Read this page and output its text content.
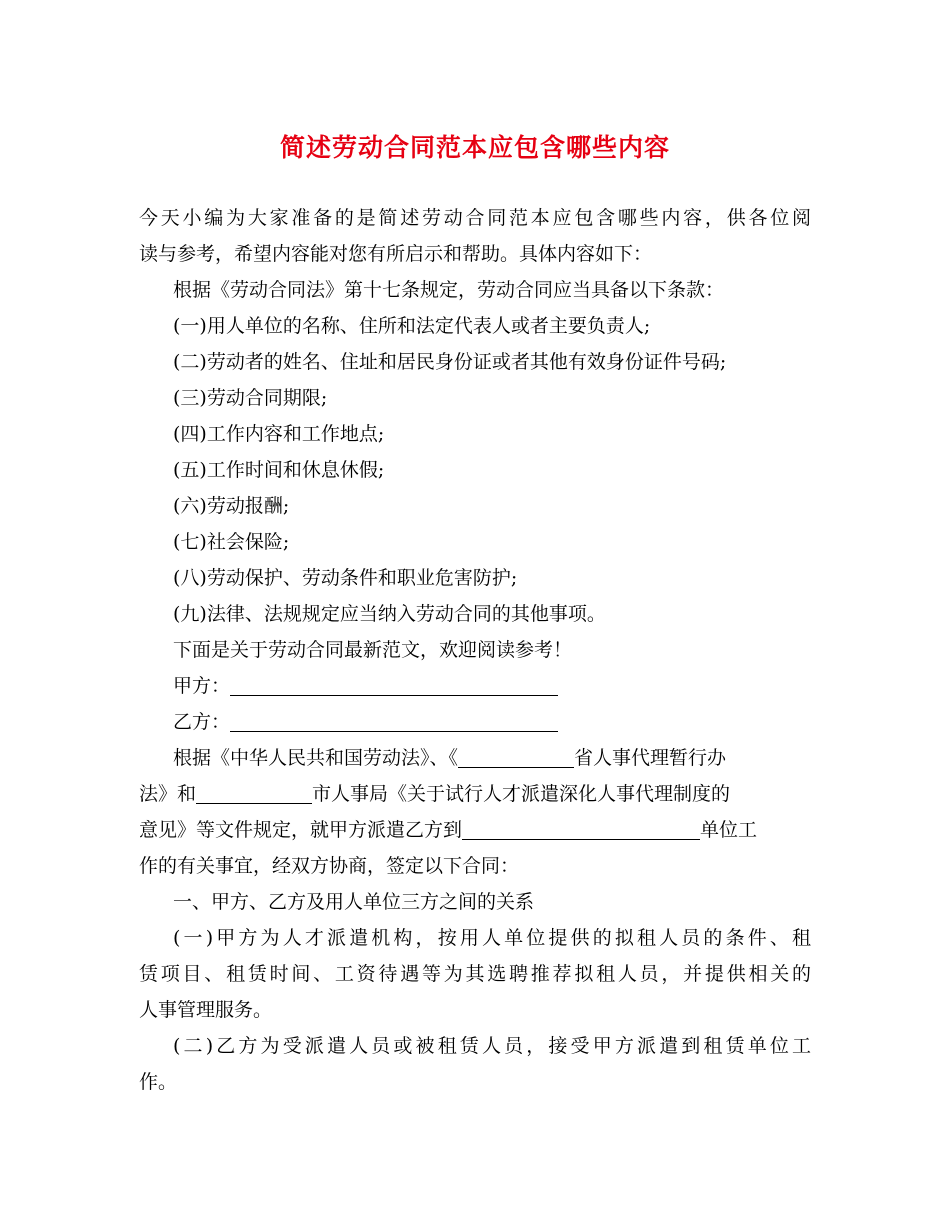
简述劳动合同范本应包含哪些内容
今天小编为大家准备的是简述劳动合同范本应包含哪些内容，供各位阅
读与参考，希望内容能对您有所启示和帮助。具体内容如下：
根据《劳动合同法》第十七条规定，劳动合同应当具备以下条款：
(一)用人单位的名称、住所和法定代表人或者主要负责人;
(二)劳动者的姓名、住址和居民身份证或者其他有效身份证件号码;
(三)劳动合同期限;
(四)工作内容和工作地点;
(五)工作时间和休息休假;
(六)劳动报酬;
(七)社会保险;
(八)劳动保护、劳动条件和职业危害防护;
(九)法律、法规规定应当纳入劳动合同的其他事项。
下面是关于劳动合同最新范文，欢迎阅读参考！
甲方：
乙方：
根据《中华人民共和国劳动法》、《	省人事代理暂行办
法》和	市人事局《关于试行人才派遣深化人事代理制度的
意见》等文件规定，就甲方派遣乙方到	单位工
作的有关事宜，经双方协商，签定以下合同：
一、甲方、乙方及用人单位三方之间的关系
(一)甲方为人才派遣机构，按用人单位提供的拟租人员的条件、租
赁项目、租赁时间、工资待遇等为其选聘推荐拟租人员，并提供相关的
人事管理服务。
(二)乙方为受派遣人员或被租赁人员，接受甲方派遣到租赁单位工
作。
